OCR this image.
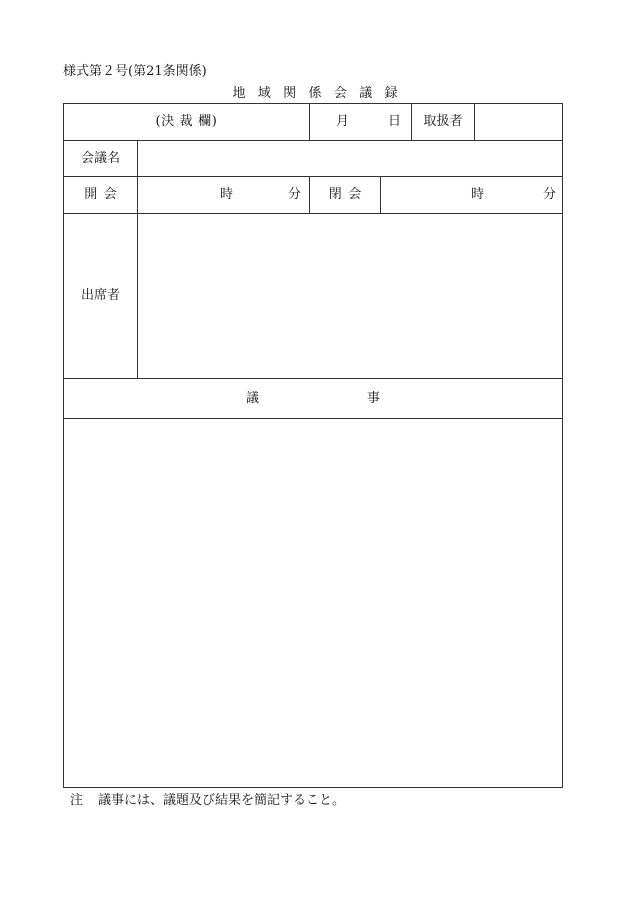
様式第２号(第21条関係)
地域関係会議録
(決 裁 欄)		月 日		取扱者	
会議名					
開会	時 分	閉会	時 分		

出席者					
議 事					

注 議事には、議題及び結果を簡記すること。
